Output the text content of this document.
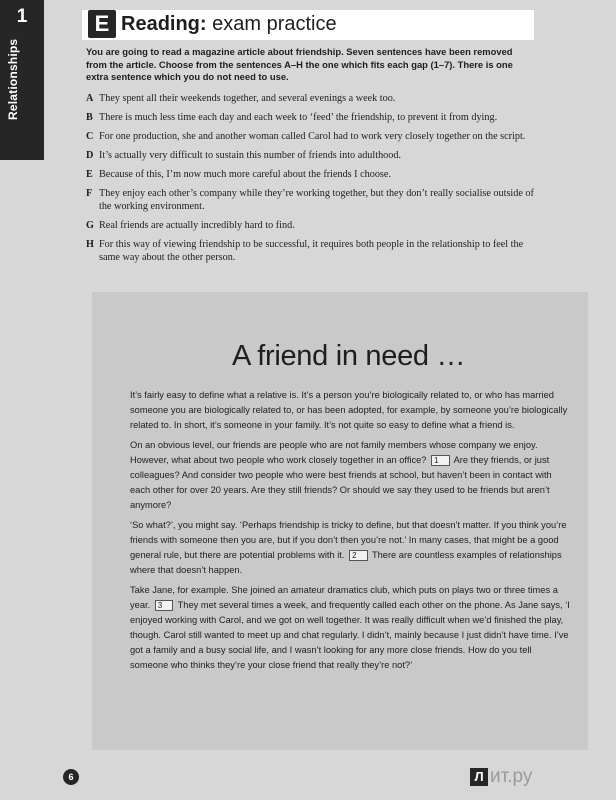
1
Relationships
E Reading: exam practice
You are going to read a magazine article about friendship. Seven sentences have been removed from the article. Choose from the sentences A–H the one which fits each gap (1–7). There is one extra sentence which you do not need to use.
A They spent all their weekends together, and several evenings a week too.
B There is much less time each day and each week to ‘feed’ the friendship, to prevent it from dying.
C For one production, she and another woman called Carol had to work very closely together on the script.
D It’s actually very difficult to sustain this number of friends into adulthood.
E Because of this, I’m now much more careful about the friends I choose.
F They enjoy each other’s company while they’re working together, but they don’t really socialise outside of the working environment.
G Real friends are actually incredibly hard to find.
H For this way of viewing friendship to be successful, it requires both people in the relationship to feel the same way about the other person.
A friend in need …

It’s fairly easy to define what a relative is. It’s a person you’re biologically related to, or who has married someone you are biologically related to, or has been adopted, for example, by someone you’re biologically related to. In short, it’s someone in your family. It’s not quite so easy to define what a friend is.

On an obvious level, our friends are people who are not family members whose company we enjoy. However, what about two people who work closely together in an office? 1 Are they friends, or just colleagues? And consider two people who were best friends at school, but haven’t been in contact with each other for over 20 years. Are they still friends? Or should we say they used to be friends but aren’t anymore?

‘So what?’, you might say. ‘Perhaps friendship is tricky to define, but that doesn’t matter. If you think you’re friends with someone then you are, but if you don’t then you’re not.’ In many cases, that might be a good general rule, but there are potential problems with it. 2 There are countless examples of relationships where that doesn’t happen.

Take Jane, for example. She joined an amateur dramatics club, which puts on plays two or three times a year. 3 They met several times a week, and frequently called each other on the phone. As Jane says, ‘I enjoyed working with Carol, and we got on well together. It was really difficult when we’d finished the play, though. Carol still wanted to meet up and chat regularly. I didn’t, mainly because I just didn’t have time. I’ve got a family and a busy social life, and I wasn’t looking for any more close friends. How do you tell someone who thinks they’re your close friend that really they’re not?’

6	Л ит.ру
